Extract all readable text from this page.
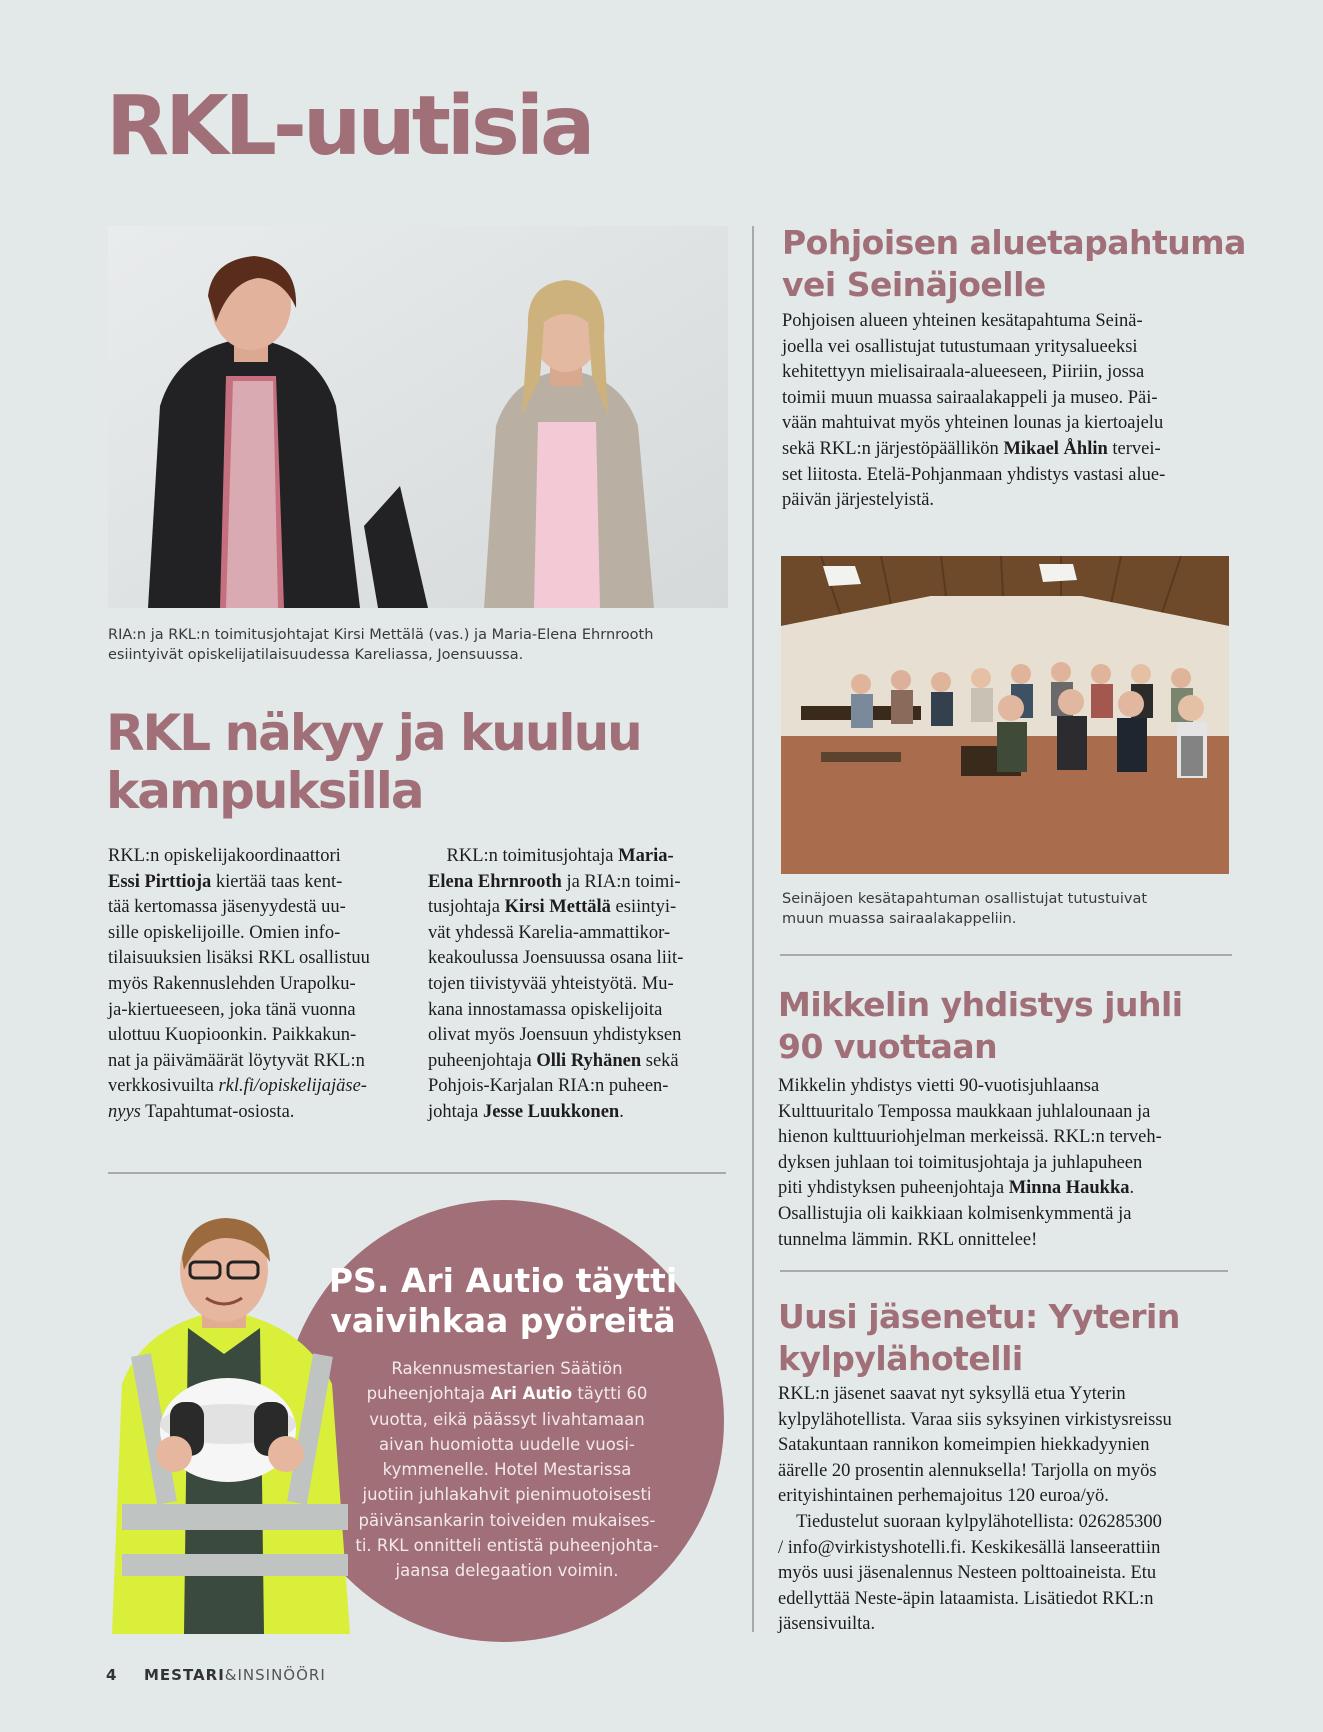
RKL-uutisia

RIA:n ja RKL:n toimitusjohtajat Kirsi Mettälä (vas.) ja Maria-Elena Ehrnrooth
esiintyivät opiskelijatilaisuudessa Kareliassa, Joensuussa.

RKL näkyy ja kuuluu
kampuksilla
RKL:n opiskelijakoordinaattori
Essi Pirttioja kiertää taas kent-
tää kertomassa jäsenyydestä uu-
sille opiskelijoille. Omien info-
tilaisuuksien lisäksi RKL osallistuu
myös Rakennuslehden Urapolku-
ja-kiertueeseen, joka tänä vuonna
ulottuu Kuopioonkin. Paikkakun-
nat ja päivämäärät löytyvät RKL:n
verkkosivuilta rkl.fi/opiskelijajäse-
nyys Tapahtumat-osiosta.
RKL:n toimitusjohtaja Maria-
Elena Ehrnrooth ja RIA:n toimi-
tusjohtaja Kirsi Mettälä esiintyi-
vät yhdessä Karelia-ammattikor-
keakoulussa Joensuussa osana liit-
tojen tiivistyvää yhteistyötä. Mu-
kana innostamassa opiskelijoita
olivat myös Joensuun yhdistyksen
puheenjohtaja Olli Ryhänen sekä
Pohjois-Karjalan RIA:n puheen-
johtaja Jesse Luukkonen.
PS. Ari Autio täytti
vaivihkaa pyöreitä
Rakennusmestarien Säätiön
puheenjohtaja Ari Autio täytti 60
vuotta, eikä päässyt livahtamaan
aivan huomiotta uudelle vuosi-
kymmenelle. Hotel Mestarissa
juotiin juhlakahvit pienimuotoisesti
päivänsankarin toiveiden mukaises-
ti. RKL onnitteli entistä puheenjohta-
jaansa delegaation voimin.
Pohjoisen aluetapahtuma
vei Seinäjoelle
Pohjoisen alueen yhteinen kesätapahtuma Seinä-
joella vei osallistujat tutustumaan yritysalueeksi
kehitettyyn mielisairaala-alueeseen, Piiriin, jossa
toimii muun muassa sairaalakappeli ja museo. Päi-
vään mahtuivat myös yhteinen lounas ja kiertoajelu
sekä RKL:n järjestöpäällikön Mikael Åhlin tervei-
set liitosta. Etelä-Pohjanmaan yhdistys vastasi alue-
päivän järjestelyistä.

Seinäjoen kesätapahtuman osallistujat tutustuivat
muun muassa sairaalakappeliin.

Mikkelin yhdistys juhli
90 vuottaan
Mikkelin yhdistys vietti 90-vuotisjuhlaansa
Kulttuuritalo Tempossa maukkaan juhlalounaan ja
hienon kulttuuriohjelman merkeissä. RKL:n terveh-
dyksen juhlaan toi toimitusjohtaja ja juhlapuheen
piti yhdistyksen puheenjohtaja Minna Haukka.
Osallistujia oli kaikkiaan kolmisenkymmentä ja
tunnelma lämmin. RKL onnittelee!
Uusi jäsenetu: Yyterin
kylpylähotelli
RKL:n jäsenet saavat nyt syksyllä etua Yyterin
kylpylähotellista. Varaa siis syksyinen virkistysreissu
Satakuntaan rannikon komeimpien hiekkadyynien
äärelle 20 prosentin alennuksella! Tarjolla on myös
erityishintainen perhemajoitus 120 euroa/yö.
Tiedustelut suoraan kylpylähotellista: 026285300
/ info@virkistyshotelli.fi. Keskikesällä lanseerattiin
myös uusi jäsenalennus Nesteen polttoaineista. Etu
edellyttää Neste-äpin lataamista. Lisätiedot RKL:n
jäsensivuilta.
4 MESTARI&INSINÖÖRI
